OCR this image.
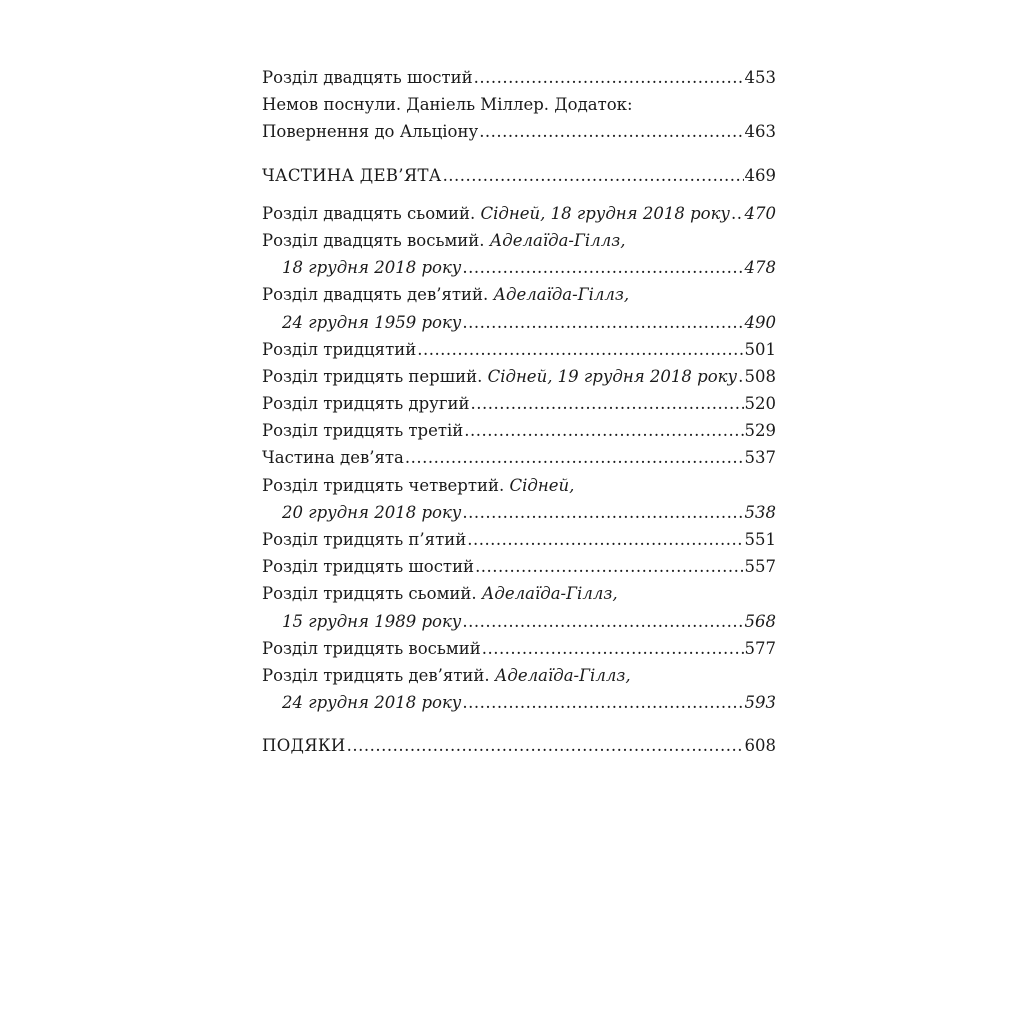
Розділ двадцять шостий .....	453
Немов поснули. Даніель Міллер. Додаток:
Повернення до Альціону .....	463
ЧАСТИНА ДЕВ’ЯТА .....	469
Розділ двадцять сьомий. Сідней, 18 грудня 2018 року ..... 470
Розділ двадцять восьмий. Аделаїда-Гіллз,
18 грудня 2018 року .....	478
Розділ двадцять дев’ятий. Аделаїда-Гіллз,
24 грудня 1959 року .....	490
Розділ тридцятий .....	501
Розділ тридцять перший. Сідней, 19 грудня 2018 року ..... 508
Розділ тридцять другий .....	520
Розділ тридцять третій .....	529
Частина дев’ята .....	537
Розділ тридцять четвертий. Сідней,
20 грудня 2018 року .....	538
Розділ тридцять п’ятий .....	551
Розділ тридцять шостий .....	557
Розділ тридцять сьомий. Аделаїда-Гіллз,
15 грудня 1989 року .....	568
Розділ тридцять восьмий .....	577
Розділ тридцять дев’ятий. Аделаїда-Гіллз,
24 грудня 2018 року .....	593
ПОДЯКИ .....	608
